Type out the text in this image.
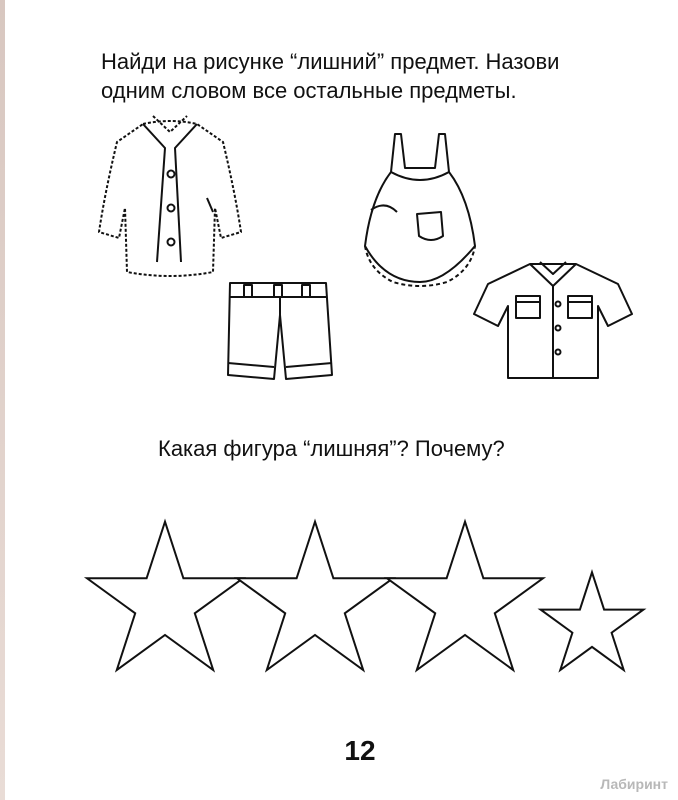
Найди на рисунке “лишний” предмет. Назови
одним словом все остальные предметы.
Какая фигура “лишняя”? Почему?
12
Лабиринт
